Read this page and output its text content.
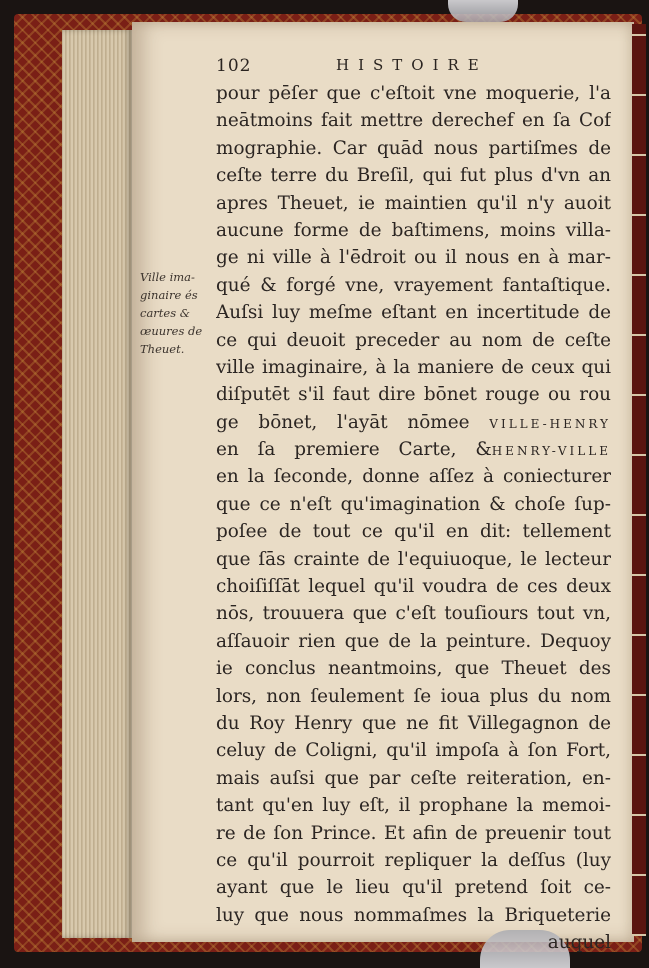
102	HISTOIRE
Ville ima-
ginaire és
cartes &
œuures de
Theuet.
pour pēſer que c'eſtoit vne moquerie, l'a
neātmoins fait mettre derechef en ſa Cof
mographie. Car quād nous partiſmes de
ceſte terre du Breſil, qui fut plus d'vn an
apres Theuet, ie maintien qu'il n'y auoit
aucune forme de baſtimens, moins villa-
ge ni ville à l'ēdroit ou il nous en à mar-
qué & forgé vne, vrayement fantaſtique.
Auſsi luy meſme eſtant en incertitude de
ce qui deuoit preceder au nom de ceſte
ville imaginaire, à la maniere de ceux qui
diſputēt s'il faut dire bōnet rouge ou rou
ge bōnet, l'ayāt nōmee VILLE-HENRY
en ſa premiere Carte, &HENRY-VILLE
en la ſeconde, donne aſſez à coniecturer
que ce n'eſt qu'imagination & choſe ſup-
poſee de tout ce qu'il en dit: tellement
que ſās crainte de l'equiuoque, le lecteur
choiſiſſāt lequel qu'il voudra de ces deux
nōs, trouuera que c'eſt touſiours tout vn,
aſſauoir rien que de la peinture. Dequoy
ie conclus neantmoins, que Theuet des
lors, non ſeulement ſe ioua plus du nom
du Roy Henry que ne fit Villegagnon de
celuy de Coligni, qu'il impoſa à ſon Fort,
mais auſsi que par ceſte reiteration, en-
tant qu'en luy eſt, il prophane la memoi-
re de ſon Prince. Et afin de preuenir tout
ce qu'il pourroit repliquer la deſſus (luy
ayant que le lieu qu'il pretend ſoit ce-
luy que nous nommaſmes la Briqueterie
auquel
